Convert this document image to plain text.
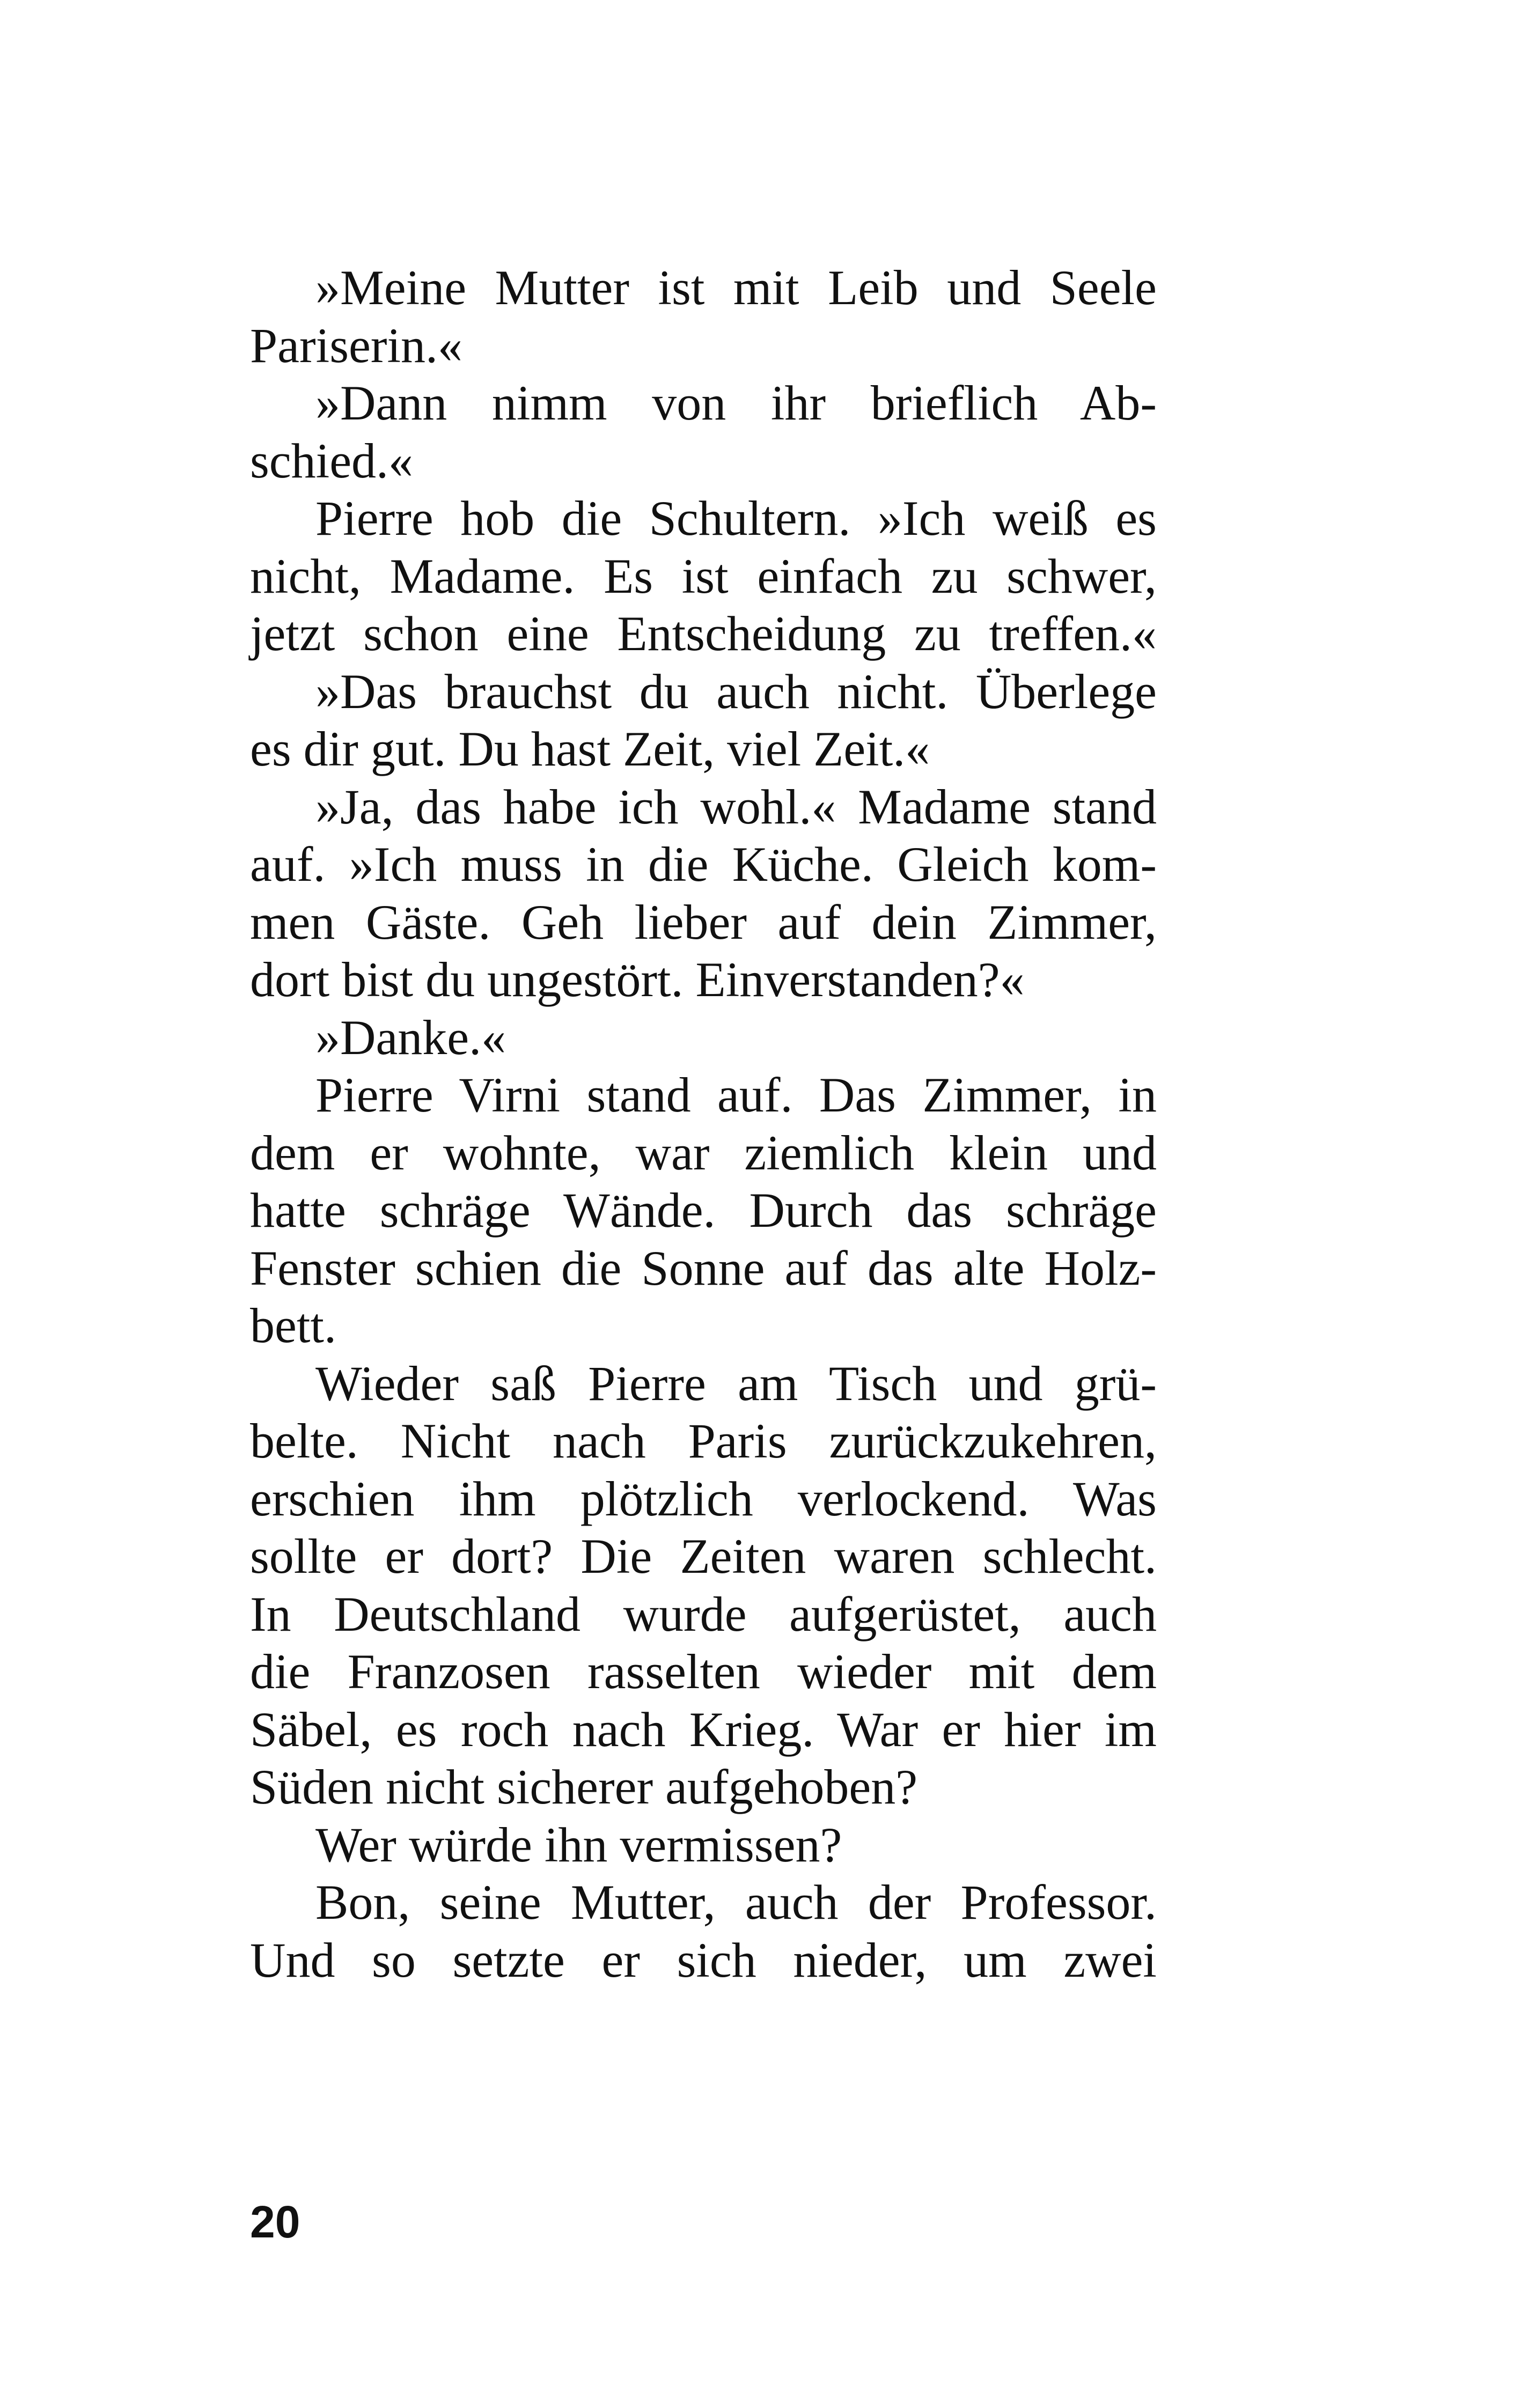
»Meine Mutter ist mit Leib und Seele
Pariserin.«
»Dann nimm von ihr brieflich Ab-
schied.«
Pierre hob die Schultern. »Ich weiß es
nicht, Madame. Es ist einfach zu schwer,
jetzt schon eine Entscheidung zu treffen.«
»Das brauchst du auch nicht. Überlege
es dir gut. Du hast Zeit, viel Zeit.«
»Ja, das habe ich wohl.« Madame stand
auf. »Ich muss in die Küche. Gleich kom-
men Gäste. Geh lieber auf dein Zimmer,
dort bist du ungestört. Einverstanden?«
»Danke.«
Pierre Virni stand auf. Das Zimmer, in
dem er wohnte, war ziemlich klein und
hatte schräge Wände. Durch das schräge
Fenster schien die Sonne auf das alte Holz-
bett.
Wieder saß Pierre am Tisch und grü-
belte. Nicht nach Paris zurückzukehren,
erschien ihm plötzlich verlockend. Was
sollte er dort? Die Zeiten waren schlecht.
In Deutschland wurde aufgerüstet, auch
die Franzosen rasselten wieder mit dem
Säbel, es roch nach Krieg. War er hier im
Süden nicht sicherer aufgehoben?
Wer würde ihn vermissen?
Bon, seine Mutter, auch der Professor.
Und so setzte er sich nieder, um zwei
20
